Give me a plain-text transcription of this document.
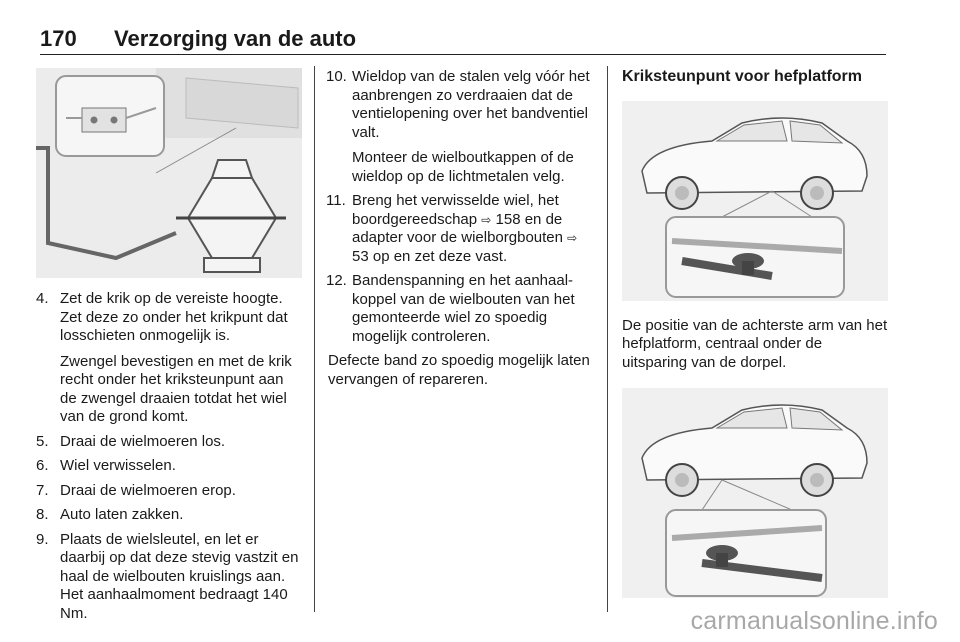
170 Verzorging van de auto
4. Zet de krik op de vereiste hoogte. Zet deze zo onder het krikpunt dat losschieten onmogelijk is.
Zwengel bevestigen en met de krik recht onder het kriksteunpunt aan de zwengel draaien totdat het wiel van de grond komt.
5. Draai de wielmoeren los.
6. Wiel verwisselen.
7. Draai de wielmoeren erop.
8. Auto laten zakken.
9. Plaats de wielsleutel, en let er daarbij op dat deze stevig vastzit en haal de wielbouten kruislings aan. Het aanhaalmoment bedraagt 140 Nm.
10. Wieldop van de stalen velg vóór het aanbrengen zo verdraaien dat de ventielopening over het bandventiel valt.
Monteer de wielboutkappen of de wieldop op de lichtmetalen velg.
11. Breng het verwisselde wiel, het boordgereedschap ⇨ 158 en de adapter voor de wielborgbouten ⇨ 53 op en zet deze vast.
12. Bandenspanning en het aanhaalkoppel van de wielbouten van het gemonteerde wiel zo spoedig mogelijk controleren.

Defecte band zo spoedig mogelijk laten vervangen of repareren.

Kriksteunpunt voor hefplatform

De positie van de achterste arm van het hefplatform, centraal onder de uitsparing van de dorpel.

carmanualsonline.info
